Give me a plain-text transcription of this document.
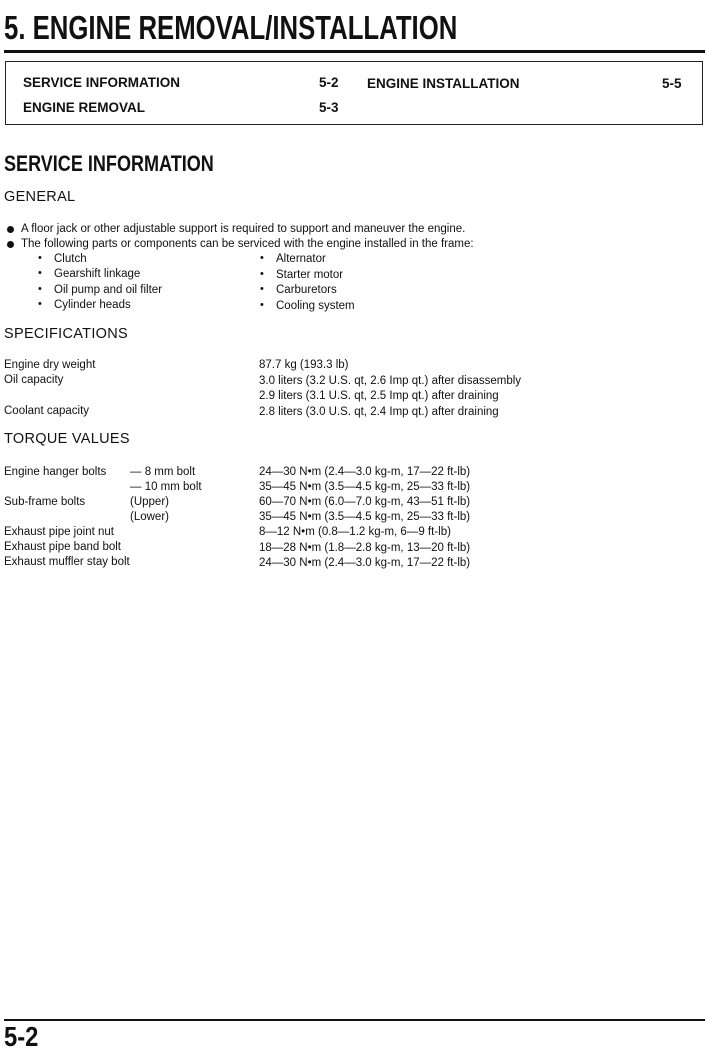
5. ENGINE REMOVAL/INSTALLATION
SERVICE INFORMATION	5-2
ENGINE REMOVAL	5-3
ENGINE INSTALLATION	5-5
SERVICE INFORMATION
GENERAL
A floor jack or other adjustable support is required to support and maneuver the engine.
The following parts or components can be serviced with the engine installed in the frame:
• Clutch
• Gearshift linkage
• Oil pump and oil filter
• Cylinder heads
• Alternator
• Starter motor
• Carburetors
• Cooling system
SPECIFICATIONS
Engine dry weight	87.7 kg (193.3 lb)
Oil capacity	3.0 liters (3.2 U.S. qt, 2.6 Imp qt.) after disassembly
2.9 liters (3.1 U.S. qt, 2.5 Imp qt.) after draining
Coolant capacity	2.8 liters (3.0 U.S. qt, 2.4 Imp qt.) after draining
TORQUE VALUES
Engine hanger bolts — 8 mm bolt	24—30 N•m (2.4—3.0 kg-m, 17—22 ft-lb)
— 10 mm bolt	35—45 N•m (3.5—4.5 kg-m, 25—33 ft-lb)
Sub-frame bolts	(Upper)	60—70 N•m (6.0—7.0 kg-m, 43—51 ft-lb)
(Lower)	35—45 N•m (3.5—4.5 kg-m, 25—33 ft-lb)
Exhaust pipe joint nut	8—12 N•m (0.8—1.2 kg-m, 6—9 ft-lb)
Exhaust pipe band bolt	18—28 N•m (1.8—2.8 kg-m, 13—20 ft-lb)
Exhaust muffler stay bolt	24—30 N•m (2.4—3.0 kg-m, 17—22 ft-lb)
5-2
